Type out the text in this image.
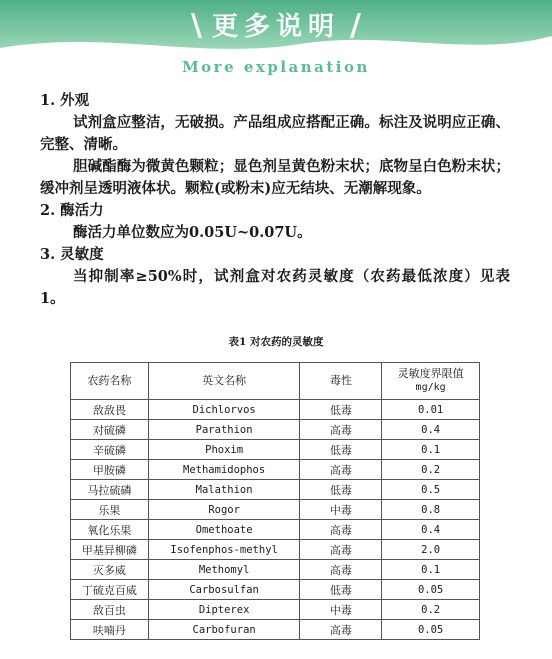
\ 更多说明 /
More explanation

1. 外观

试剂盒应整洁，无破损。产品组成应搭配正确。标注及说明应正确、完整、清晰。

胆碱酯酶为微黄色颗粒；显色剂呈黄色粉末状；底物呈白色粉末状；缓冲剂呈透明液体状。颗粒(或粉末)应无结块、无潮解现象。

2. 酶活力

酶活力单位数应为0.05U~0.07U。

3. 灵敏度

当抑制率≥50%时，试剂盒对农药灵敏度（农药最低浓度）见表 1。

表1 对农药的灵敏度
农药名称	英文名称	毒性	灵敏度界限值
mg/kg

敌敌畏	Dichlorvos	低毒	0.01
对硫磷	Parathion	高毒	0.4
辛硫磷	Phoxim	低毒	0.1
甲胺磷	Methamidophos	高毒	0.2
马拉硫磷	Malathion	低毒	0.5
乐果	Rogor	中毒	0.8
氧化乐果	Omethoate	高毒	0.4
甲基异柳磷	Isofenphos-methyl	高毒	2.0
灭多威	Methomyl	高毒	0.1
丁硫克百威	Carbosulfan	低毒	0.05
敌百虫	Dipterex	中毒	0.2
呋喃丹	Carbofuran	高毒	0.05
